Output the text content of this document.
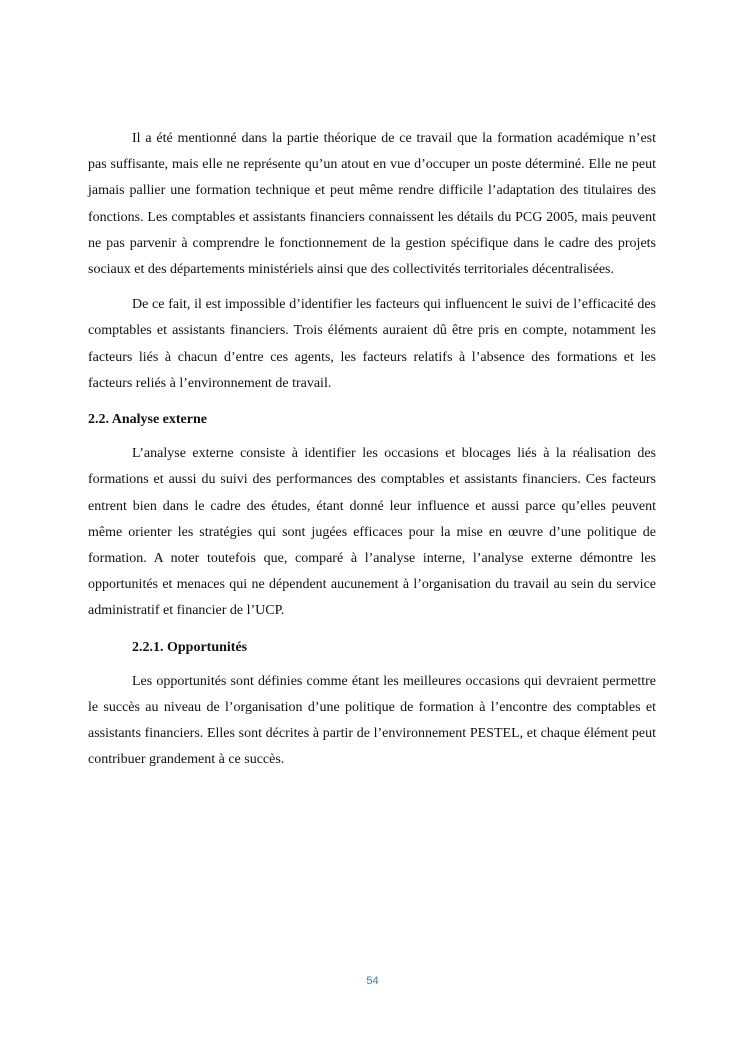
Il a été mentionné dans la partie théorique de ce travail que la formation académique n’est pas suffisante, mais elle ne représente qu’un atout en vue d’occuper un poste déterminé. Elle ne peut jamais pallier une formation technique et peut même rendre difficile l’adaptation des titulaires des fonctions. Les comptables et assistants financiers connaissent les détails du PCG 2005, mais peuvent ne pas parvenir à comprendre le fonctionnement de la gestion spécifique dans le cadre des projets sociaux et des départements ministériels ainsi que des collectivités territoriales décentralisées.

De ce fait, il est impossible d’identifier les facteurs qui influencent le suivi de l’efficacité des comptables et assistants financiers. Trois éléments auraient dû être pris en compte, notamment les facteurs liés à chacun d’entre ces agents, les facteurs relatifs à l’absence des formations et les facteurs reliés à l’environnement de travail.

2.2. Analyse externe

L’analyse externe consiste à identifier les occasions et blocages liés à la réalisation des formations et aussi du suivi des performances des comptables et assistants financiers. Ces facteurs entrent bien dans le cadre des études, étant donné leur influence et aussi parce qu’elles peuvent même orienter les stratégies qui sont jugées efficaces pour la mise en œuvre d’une politique de formation. A noter toutefois que, comparé à l’analyse interne, l’analyse externe démontre les opportunités et menaces qui ne dépendent aucunement à l’organisation du travail au sein du service administratif et financier de l’UCP.

2.2.1. Opportunités

Les opportunités sont définies comme étant les meilleures occasions qui devraient permettre le succès au niveau de l’organisation d’une politique de formation à l’encontre des comptables et assistants financiers. Elles sont décrites à partir de l’environnement PESTEL, et chaque élément peut contribuer grandement à ce succès.

54
